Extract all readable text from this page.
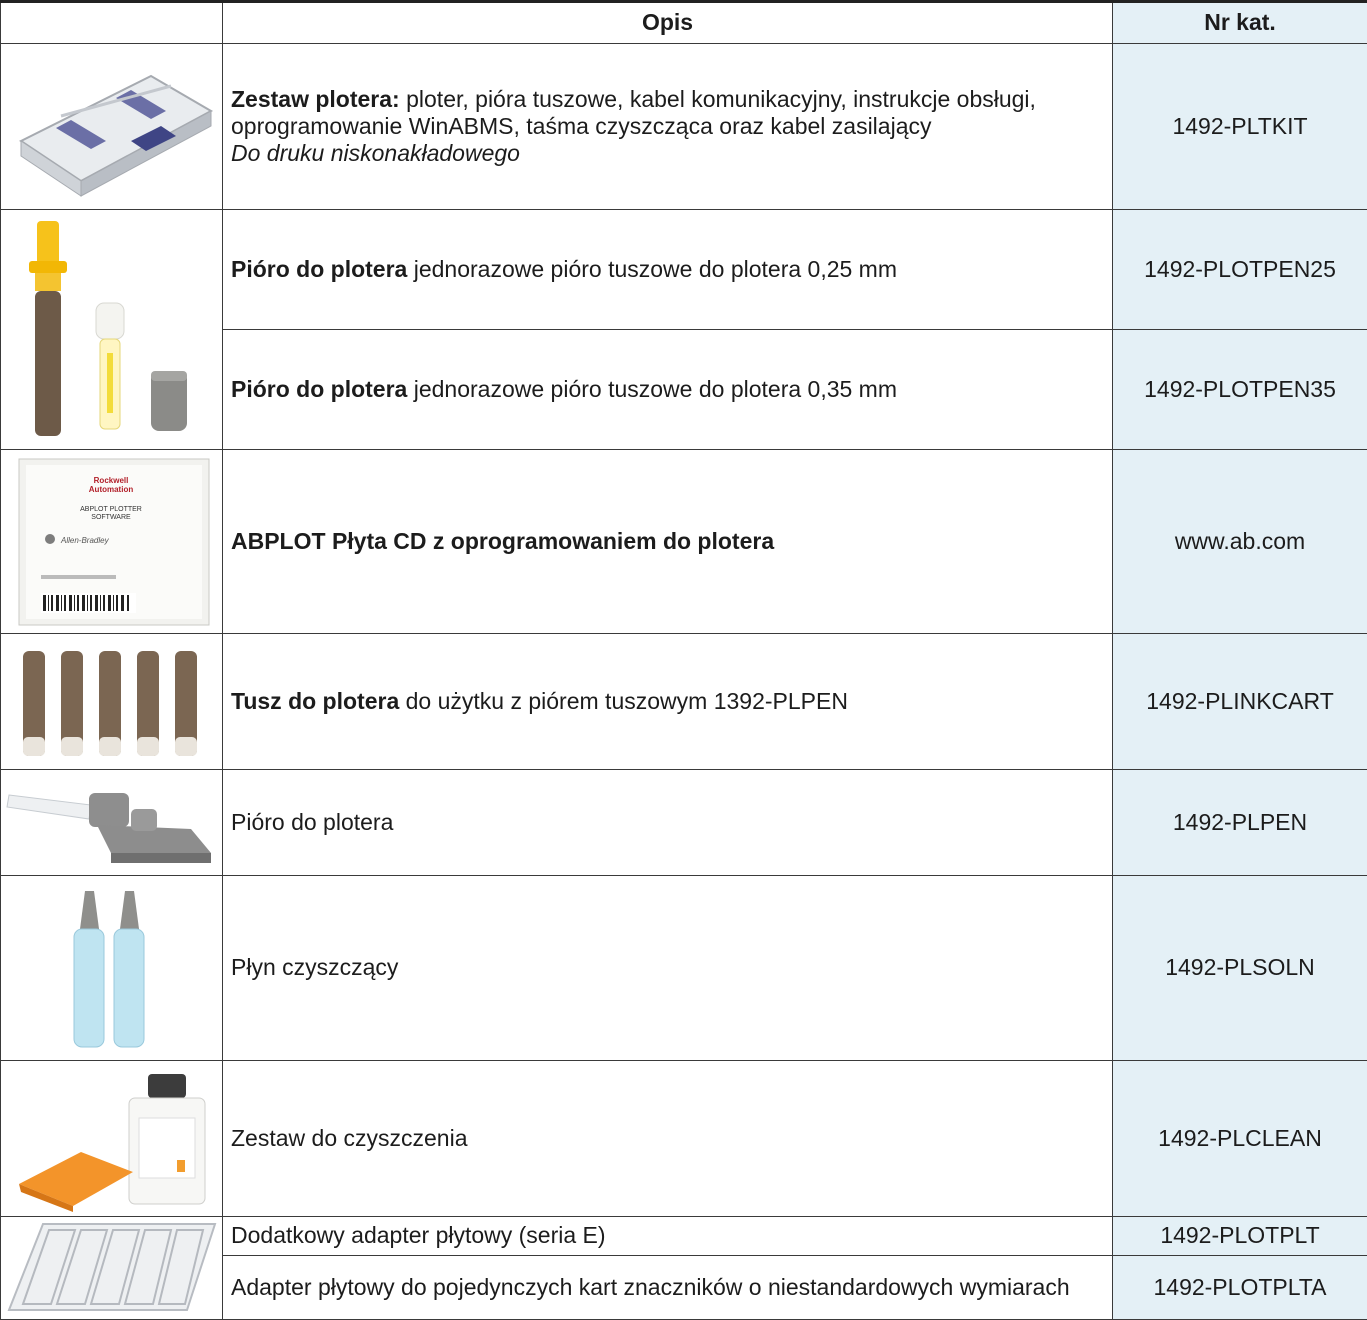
	Opis	Nr kat.

	Zestaw plotera: ploter, pióra tuszowe, kabel komunikacyjny, instrukcje obsługi, oprogramowanie WinABMS, taśma czyszcząca oraz kabel zasilający
Do druku niskonakładowego	1492-PLTKIT

	Pióro do plotera jednorazowe pióro tuszowe do plotera 0,25 mm	1492-PLOTPEN25
	Pióro do plotera jednorazowe pióro tuszowe do plotera 0,35 mm	1492-PLOTPEN35

Rockwell
Automation
ABPLOT PLOTTER
SOFTWARE
Allen-Bradley	ABPLOT Płyta CD z oprogramowaniem do plotera	www.ab.com

	Tusz do plotera do użytku z piórem tuszowym 1392-PLPEN	1492-PLINKCART

	Pióro do plotera	1492-PLPEN

	Płyn czyszczący	1492-PLSOLN

	Zestaw do czyszczenia	1492-PLCLEAN

	Dodatkowy adapter płytowy (seria E)	1492-PLOTPLT
	Adapter płytowy do pojedynczych kart znaczników o niestandardowych wymiarach	1492-PLOTPLTA
